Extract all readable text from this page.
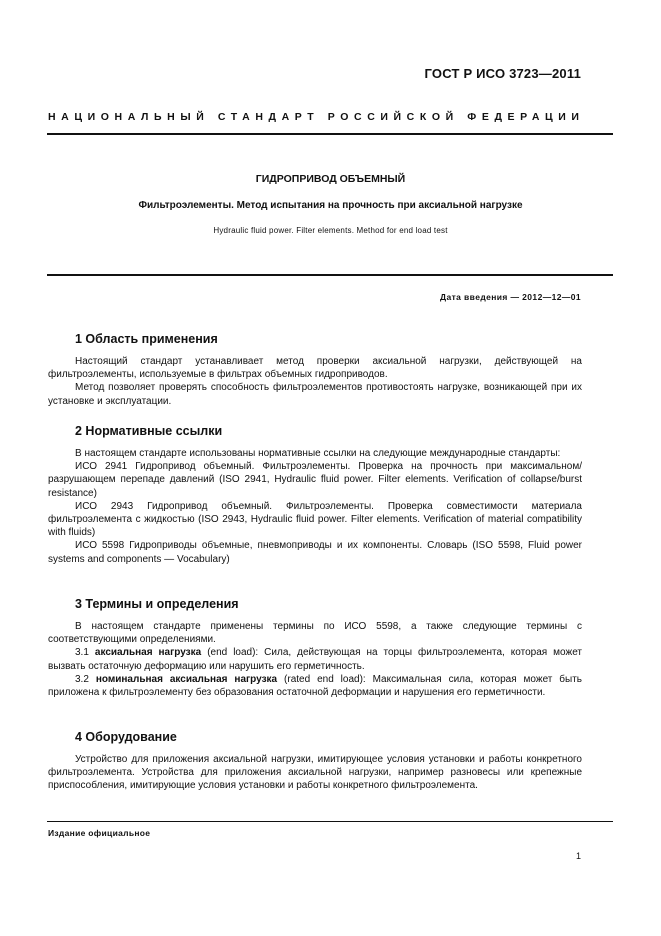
ГОСТ Р ИСО 3723—2011
НАЦИОНАЛЬНЫЙ СТАНДАРТ РОССИЙСКОЙ ФЕДЕРАЦИИ
ГИДРОПРИВОД ОБЪЕМНЫЙ
Фильтроэлементы. Метод испытания на прочность при аксиальной нагрузке
Hydraulic fluid power. Filter elements. Method for end load test
Дата введения — 2012—12—01
1 Область применения

Настоящий стандарт устанавливает метод проверки аксиальной нагрузки, действующей на фильтроэлементы, используемые в фильтрах объемных гидроприводов.

Метод позволяет проверять способность фильтроэлементов противостоять нагрузке, возникающей при их установке и эксплуатации.

2 Нормативные ссылки

В настоящем стандарте использованы нормативные ссылки на следующие международные стандарты:

ИСО 2941 Гидропривод объемный. Фильтроэлементы. Проверка на прочность при максимальном/разрушающем перепаде давлений (ISO 2941, Hydraulic fluid power. Filter elements. Verification of collapse/burst resistance)

ИСО 2943 Гидропривод объемный. Фильтроэлементы. Проверка совместимости материала фильтроэлемента с жидкостью (ISO 2943, Hydraulic fluid power. Filter elements. Verification of material compatibility with fluids)

ИСО 5598 Гидроприводы объемные, пневмоприводы и их компоненты. Словарь (ISO 5598, Fluid power systems and components — Vocabulary)

3 Термины и определения

В настоящем стандарте применены термины по ИСО 5598, а также следующие термины с соответствующими определениями.

3.1 аксиальная нагрузка (end load): Сила, действующая на торцы фильтроэлемента, которая может вызвать остаточную деформацию или нарушить его герметичность.

3.2 номинальная аксиальная нагрузка (rated end load): Максимальная сила, которая может быть приложена к фильтроэлементу без образования остаточной деформации и нарушения его герметичности.

4 Оборудование

Устройство для приложения аксиальной нагрузки, имитирующее условия установки и работы конкретного фильтроэлемента. Устройства для приложения аксиальной нагрузки, например разновесы или крепежные приспособления, имитирующие условия установки и работы конкретного фильтроэлемента.

Издание официальное
1
